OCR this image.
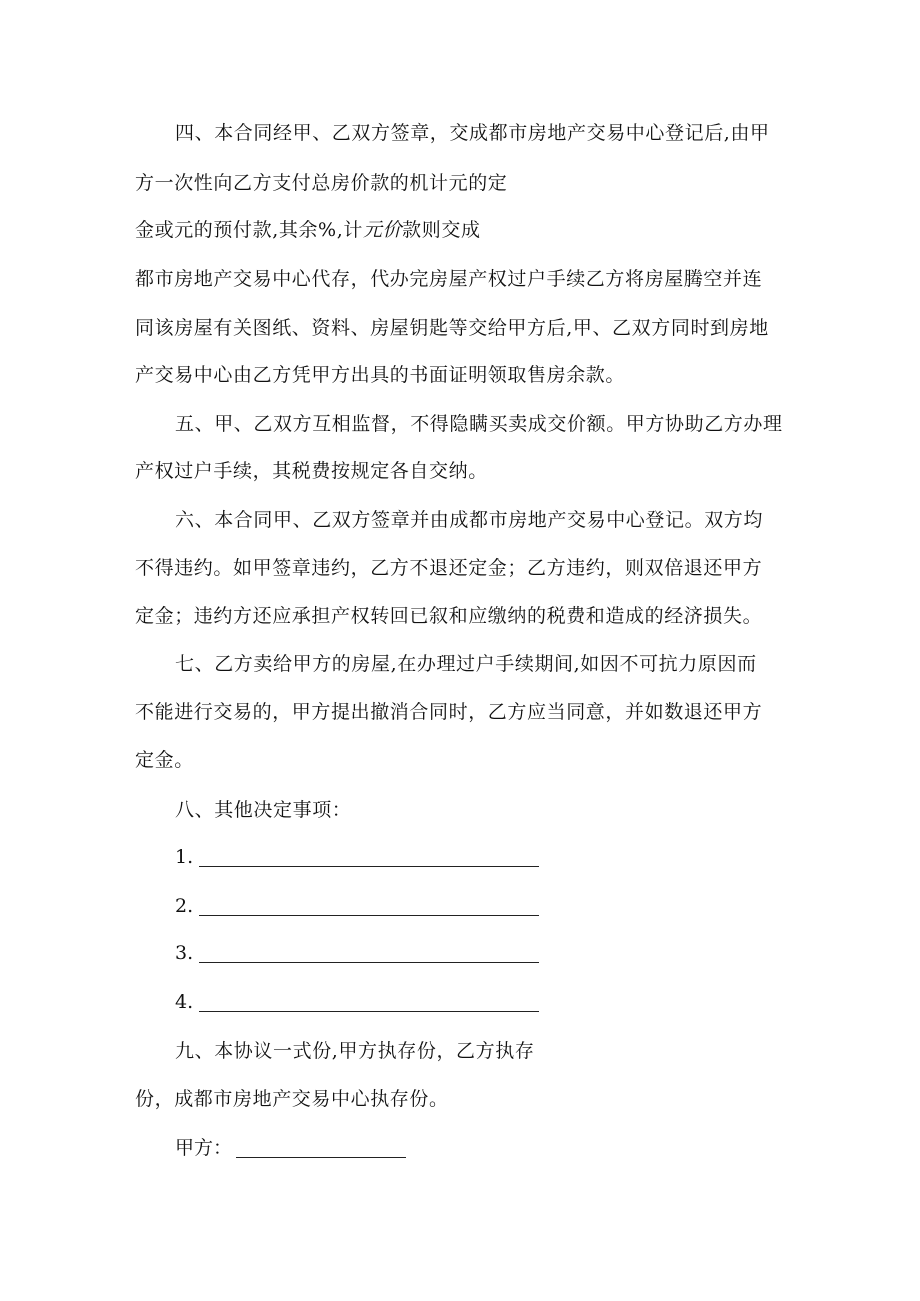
四、本合同经甲、乙双方签章，交成都市房地产交易中心登记后,由甲
方一次性向乙方支付总房价款的机计元的定
金或元的预付款,其余%,计元价款则交成
都市房地产交易中心代存，代办完房屋产权过户手续乙方将房屋腾空并连
同该房屋有关图纸、资料、房屋钥匙等交给甲方后,甲、乙双方同时到房地
产交易中心由乙方凭甲方出具的书面证明领取售房余款。
五、甲、乙双方互相监督，不得隐瞒买卖成交价额。甲方协助乙方办理
产权过户手续，其税费按规定各自交纳。
六、本合同甲、乙双方签章并由成都市房地产交易中心登记。双方均
不得违约。如甲签章违约，乙方不退还定金；乙方违约，则双倍退还甲方
定金；违约方还应承担产权转回已叙和应缴纳的税费和造成的经济损失。
七、乙方卖给甲方的房屋,在办理过户手续期间,如因不可抗力原因而
不能进行交易的，甲方提出撤消合同时，乙方应当同意，并如数退还甲方
定金。
八、其他决定事项：
1.
2.
3.
4.
九、本协议一式份,甲方执存份，乙方执存
份，成都市房地产交易中心执存份。
甲方：
